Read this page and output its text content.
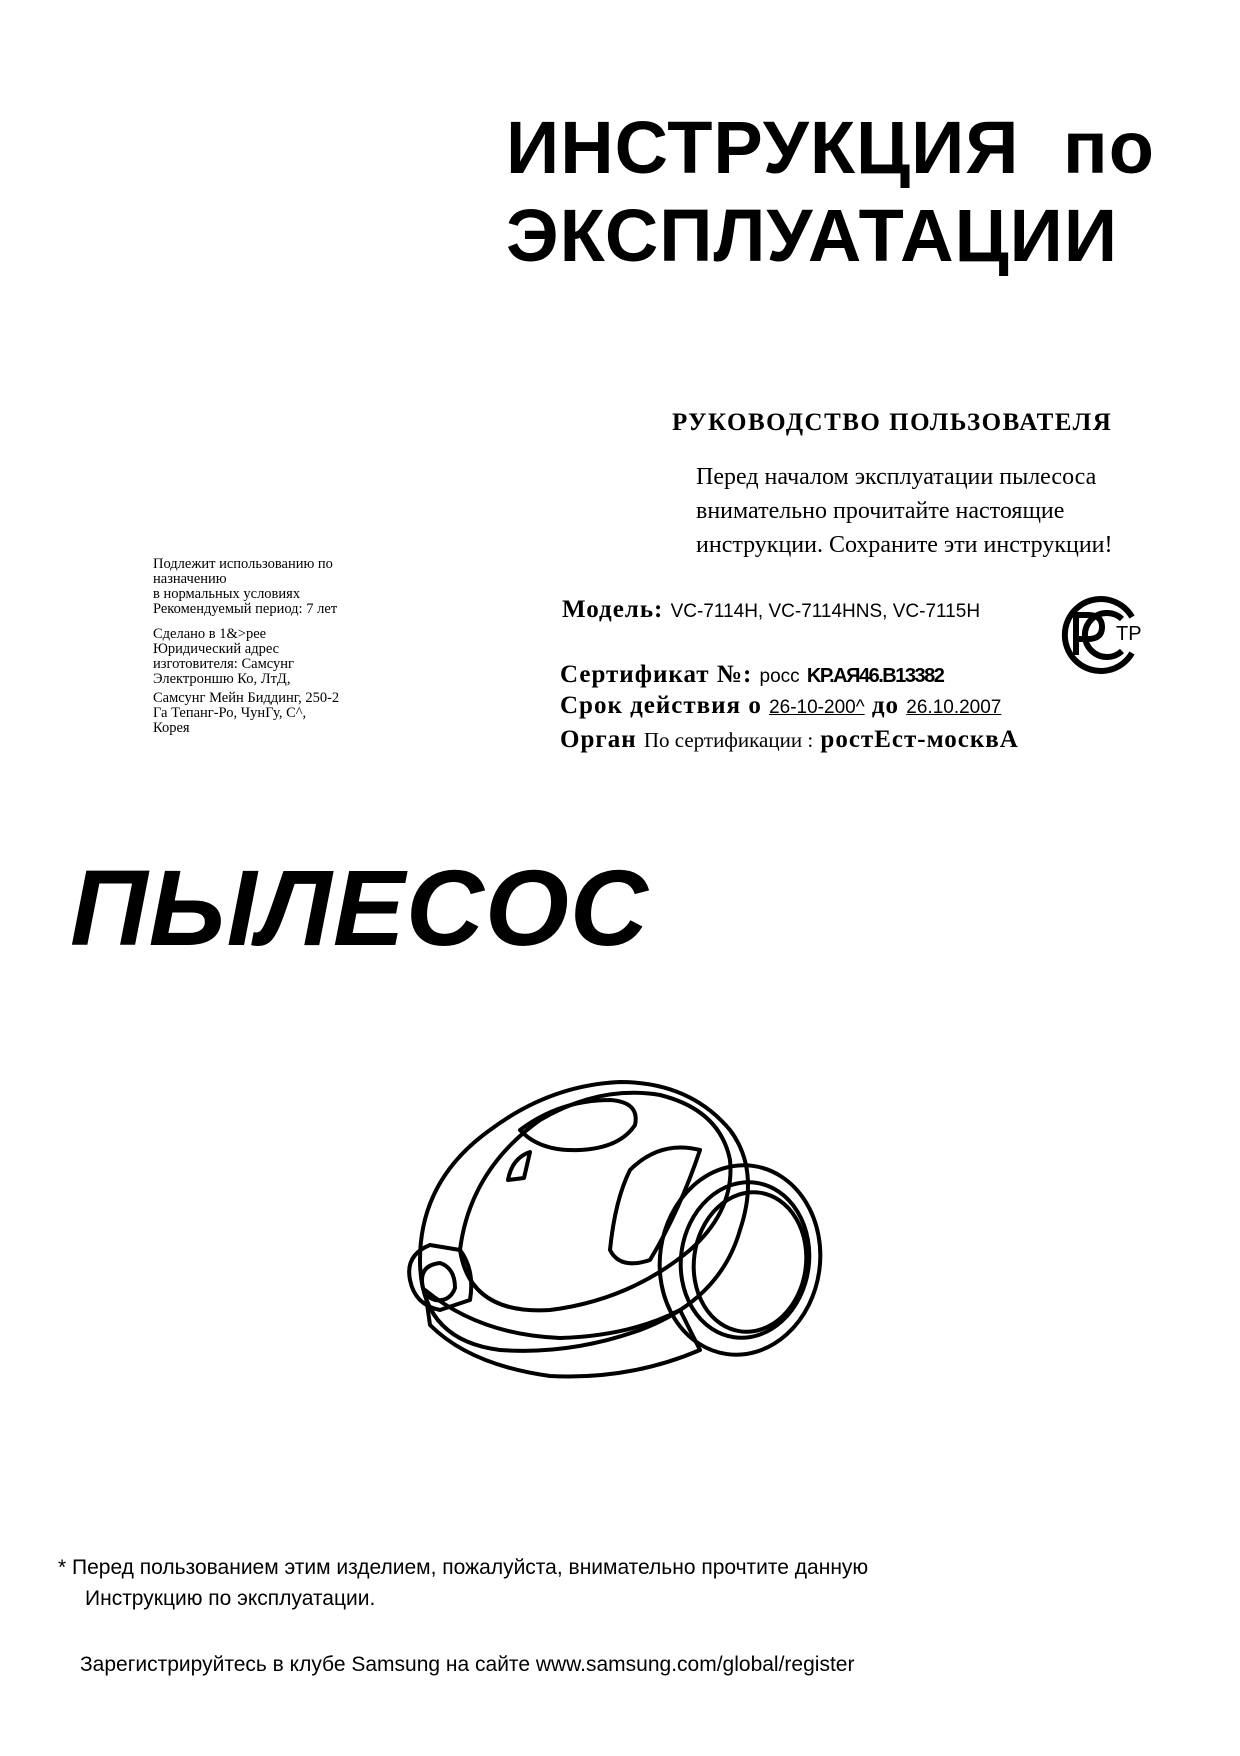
ИНСТРУКЦИЯ по
ЭКСПЛУАТАЦИИ
РУКОВОДСТВО ПОЛЬЗОВАТЕЛЯ
Перед началом эксплуатации пылесоса
внимательно прочитайте настоящие
инструкции. Сохраните эти инструкции!

Подлежит использованию по

назначению

в нормальных условиях

Рекомендуемый период: 7 лет

Сделано в 1&>рее

Юридический адрес

изготовителя: Самсунг

Электроншю Ко, ЛтД,

Самсунг Мейн Биддинг, 250-2

Га Тепанг-Ро, ЧунГу, С^,

Корея

Модель: VC-7114H, VC-7114HNS, VC-7115H
TP
Сертификат №: росс KP.AЯ46.B13382
Срок действия о 26-10-200^ до 26.10.2007
Орган По сертификации : ростЕст-москвА
ПЫЛЕСОС
* Перед пользованием этим изделием, пожалуйста, внимательно прочтите данную
Инструкцию по эксплуатации.
Зарегистрируйтесь в клубе Samsung на сайте www.samsung.com/global/register
